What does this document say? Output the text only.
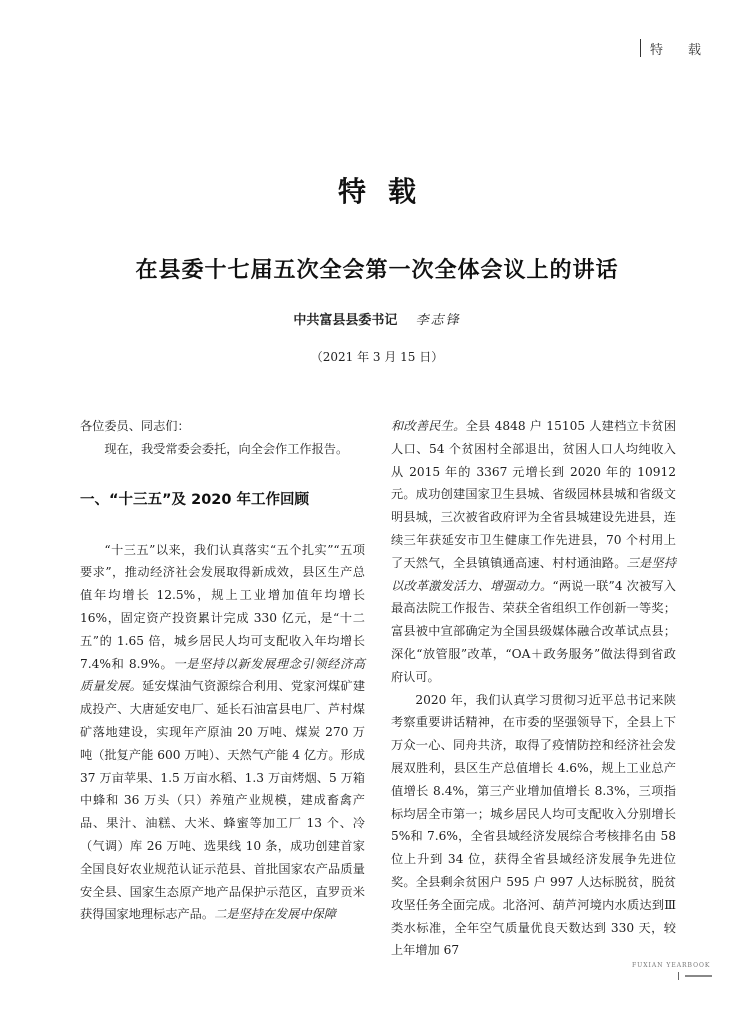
特　载
特载
在县委十七届五次全会第一次全体会议上的讲话
中共富县县委书记 李志锋
（2021 年 3 月 15 日）

各位委员、同志们：

现在，我受常委会委托，向全会作工作报告。

一、“十三五”及 2020 年工作回顾

“十三五”以来，我们认真落实“五个扎实”“五项要求”，推动经济社会发展取得新成效，县区生产总值年均增长 12.5%，规上工业增加值年均增长 16%，固定资产投资累计完成 330 亿元，是“十二五”的 1.65 倍，城乡居民人均可支配收入年均增长 7.4%和 8.9%。一是坚持以新发展理念引领经济高质量发展。延安煤油气资源综合利用、党家河煤矿建成投产、大唐延安电厂、延长石油富县电厂、芦村煤矿落地建设，实现年产原油 20 万吨、煤炭 270 万吨（批复产能 600 万吨）、天然气产能 4 亿方。形成 37 万亩苹果、1.5 万亩水稻、1.3 万亩烤烟、5 万箱中蜂和 36 万头（只）养殖产业规模，建成畜禽产品、果汁、油糕、大米、蜂蜜等加工厂 13 个、冷（气调）库 26 万吨、选果线 10 条，成功创建首家全国良好农业规范认证示范县、首批国家农产品质量安全县、国家生态原产地产品保护示范区，直罗贡米获得国家地理标志产品。二是坚持在发展中保障

和改善民生。全县 4848 户 15105 人建档立卡贫困人口、54 个贫困村全部退出，贫困人口人均纯收入从 2015 年的 3367 元增长到 2020 年的 10912 元。成功创建国家卫生县城、省级园林县城和省级文明县城，三次被省政府评为全省县城建设先进县，连续三年获延安市卫生健康工作先进县，70 个村用上了天然气，全县镇镇通高速、村村通油路。三是坚持以改革激发活力、增强动力。“两说一联”4 次被写入最高法院工作报告、荣获全省组织工作创新一等奖；富县被中宣部确定为全国县级媒体融合改革试点县；深化“放管服”改革，“OA＋政务服务”做法得到省政府认可。

2020 年，我们认真学习贯彻习近平总书记来陕考察重要讲话精神，在市委的坚强领导下，全县上下万众一心、同舟共济，取得了疫情防控和经济社会发展双胜利，县区生产总值增长 4.6%，规上工业总产值增长 8.4%，第三产业增加值增长 8.3%，三项指标均居全市第一；城乡居民人均可支配收入分别增长 5%和 7.6%，全省县域经济发展综合考核排名由 58 位上升到 34 位，获得全省县域经济发展争先进位奖。全县剩余贫困户 595 户 997 人达标脱贫，脱贫攻坚任务全面完成。北洛河、葫芦河境内水质达到Ⅲ类水标准，全年空气质量优良天数达到 330 天，较上年增加 67

FUXIAN YEARBOOK
